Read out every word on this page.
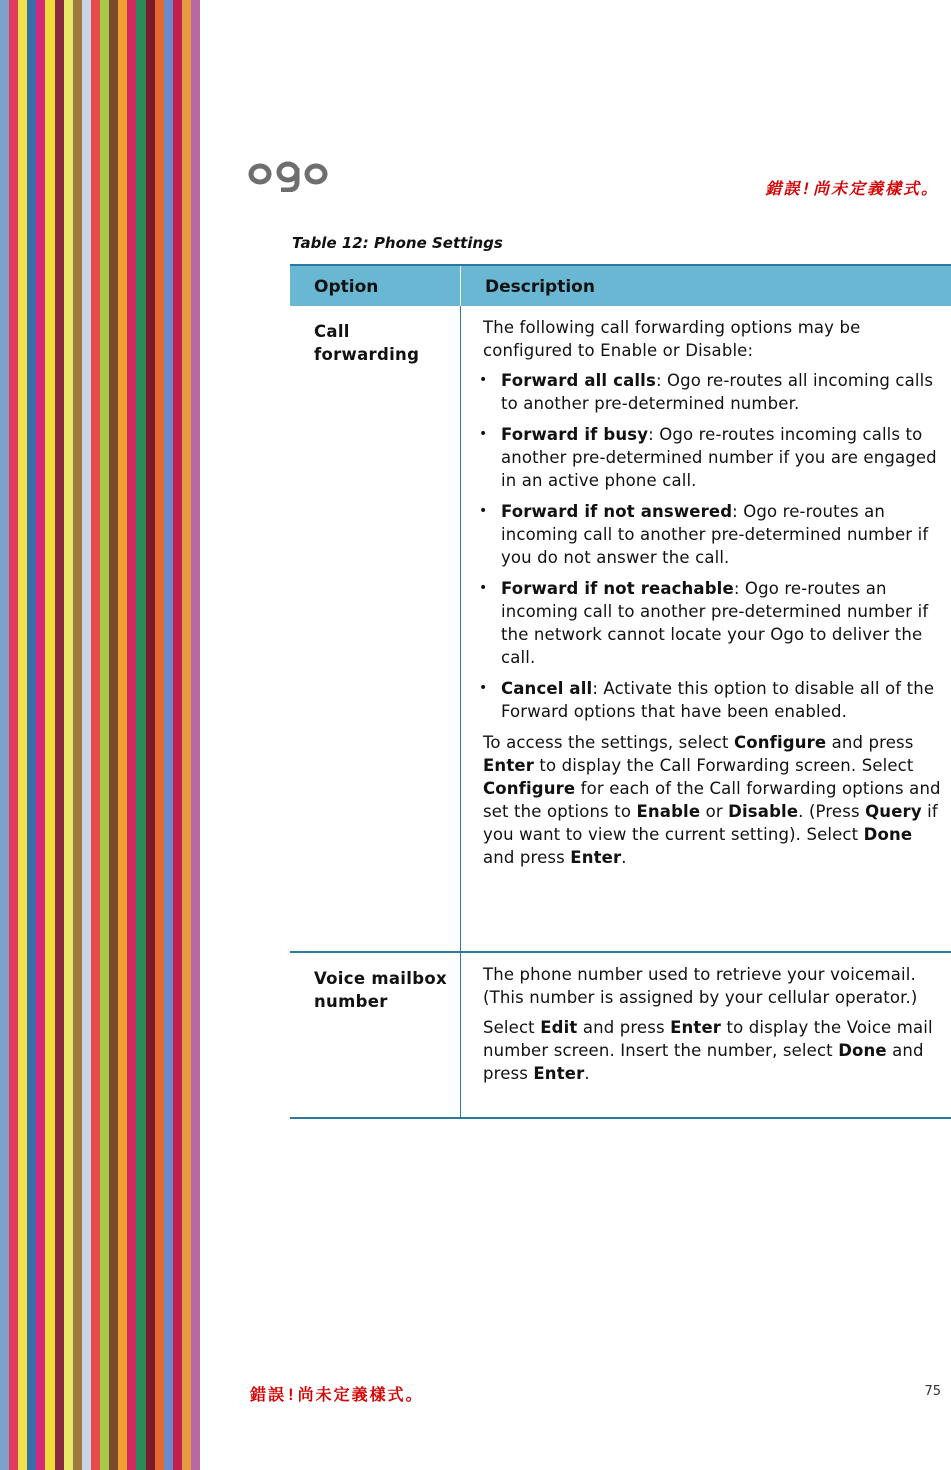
錯誤!尚未定義樣式。
Table 12: Phone Settings
Option	Description
Call forwarding

The following call forwarding options may be configured to Enable or Disable:

• Forward all calls: Ogo re-routes all incoming calls to another pre-determined number.
• Forward if busy: Ogo re-routes incoming calls to another pre-determined number if you are engaged in an active phone call.
• Forward if not answered: Ogo re-routes an incoming call to another pre-determined number if you do not answer the call.
• Forward if not reachable: Ogo re-routes an incoming call to another pre-determined number if the network cannot locate your Ogo to deliver the call.
• Cancel all: Activate this option to disable all of the Forward options that have been enabled.

To access the settings, select Configure and press Enter to display the Call Forwarding screen. Select Configure for each of the Call forwarding options and set the options to Enable or Disable. (Press Query if you want to view the current setting). Select Done and press Enter.

Voice mailbox number

The phone number used to retrieve your voicemail. (This number is assigned by your cellular operator.)

Select Edit and press Enter to display the Voice mail number screen. Insert the number, select Done and press Enter.

錯誤!尚未定義樣式。	75
